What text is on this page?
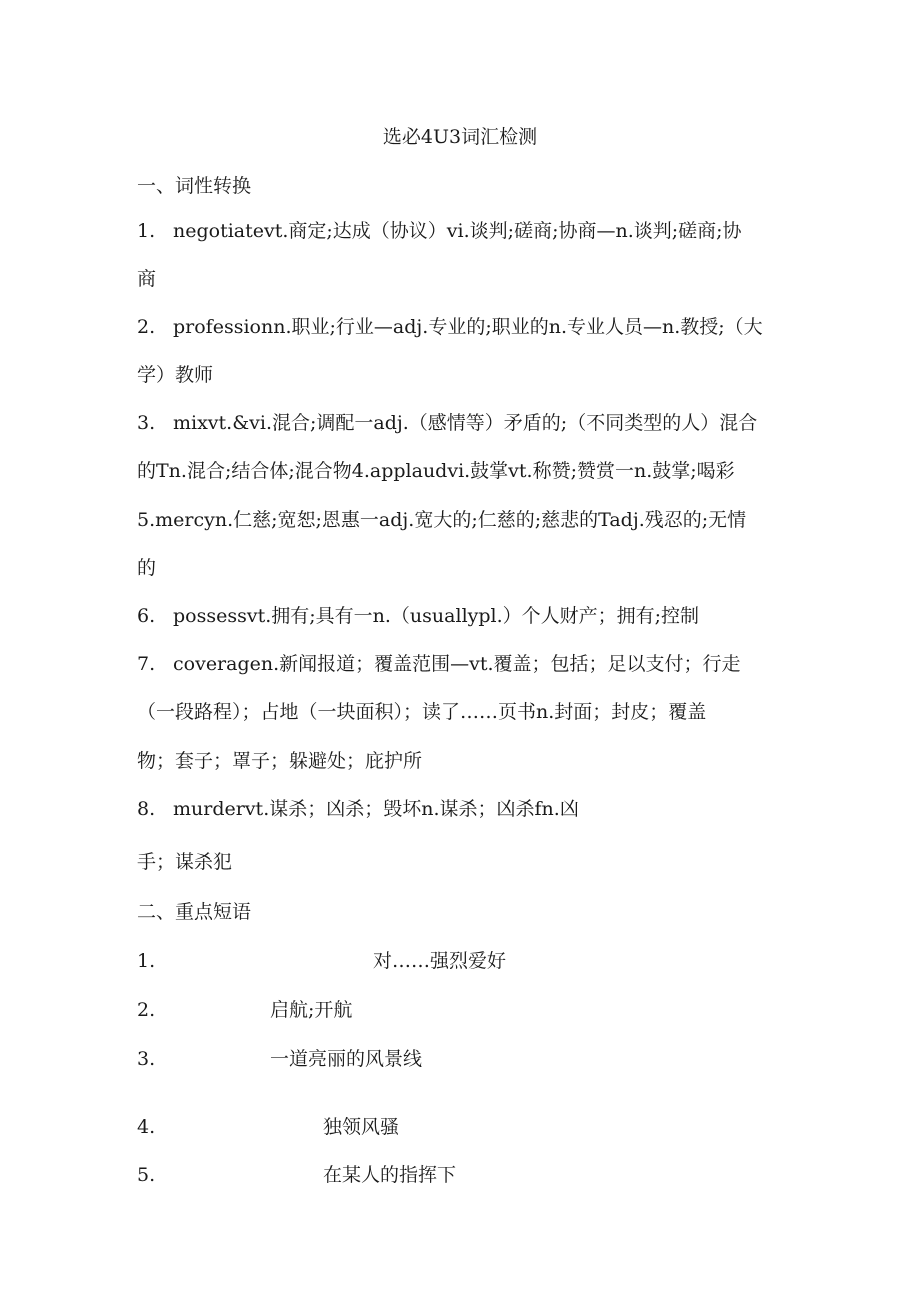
选必4U3词汇检测
一、词性转换
1. negotiatevt.商定;达成（协议）vi.谈判;磋商;协商—n.谈判;磋商;协
商
2. professionn.职业;行业—adj.专业的;职业的n.专业人员—n.教授;（大
学）教师
3. mixvt.&vi.混合;调配一adj.（感情等）矛盾的;（不同类型的人）混合
的Tn.混合;结合体;混合物4.applaudvi.鼓掌vt.称赞;赞赏一n.鼓掌;喝彩
5.mercyn.仁慈;宽恕;恩惠一adj.宽大的;仁慈的;慈悲的Tadj.残忍的;无情
的
6. possessvt.拥有;具有一n.（usuallypl.）个人财产；拥有;控制
7. coveragen.新闻报道；覆盖范围—vt.覆盖；包括；足以支付；行走
（一段路程）；占地（一块面积）；读了……页书n.封面；封皮；覆盖
物；套子；罩子；躲避处；庇护所
8. murdervt.谋杀；凶杀；毁坏n.谋杀；凶杀fn.凶
手；谋杀犯
二、重点短语
1.	对……强烈爱好
2.	启航;开航
3.	一道亮丽的风景线
4.	独领风骚
5.	在某人的指挥下
